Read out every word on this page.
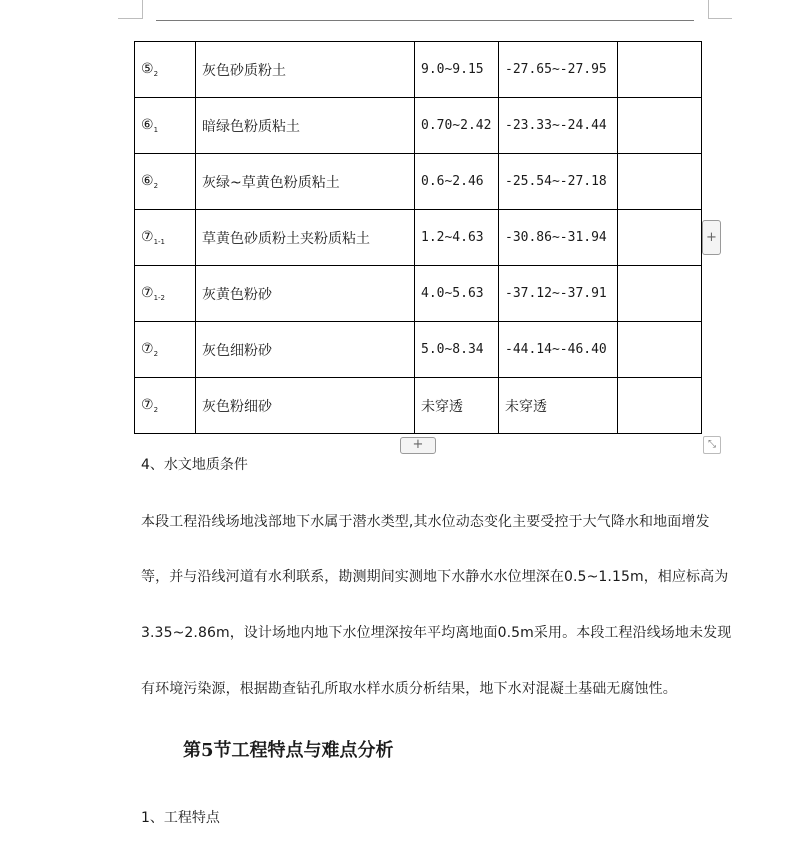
$⑤_2$	灰色砂质粉土	9.0~9.15	-27.65~-27.95	
$⑥_1$	暗绿色粉质粘土	0.70~2.42	-23.33~-24.44	
$⑥_2$	灰绿~草黄色粉质粘土	0.6~2.46	-25.54~-27.18	
$⑦_{1-1}$	草黄色砂质粉土夹粉质粘土	1.2~4.63	-30.86~-31.94	
$⑦_{1-2}$	灰黄色粉砂	4.0~5.63	-37.12~-37.91	
$⑦_2$	灰色细粉砂	5.0~8.34	-44.14~-46.40	
$⑦_2$	灰色粉细砂	未穿透	未穿透	
+
+	⤡
4、水文地质条件
本段工程沿线场地浅部地下水属于潜水类型,其水位动态变化主要受控于大气降水和地面增发
等，并与沿线河道有水利联系，勘测期间实测地下水静水水位埋深在0.5~1.15m，相应标高为
3.35~2.86m，设计场地内地下水位埋深按年平均离地面0.5m采用。本段工程沿线场地未发现
有环境污染源，根据勘查钻孔所取水样水质分析结果，地下水对混凝土基础无腐蚀性。
第5节工程特点与难点分析
1、工程特点
